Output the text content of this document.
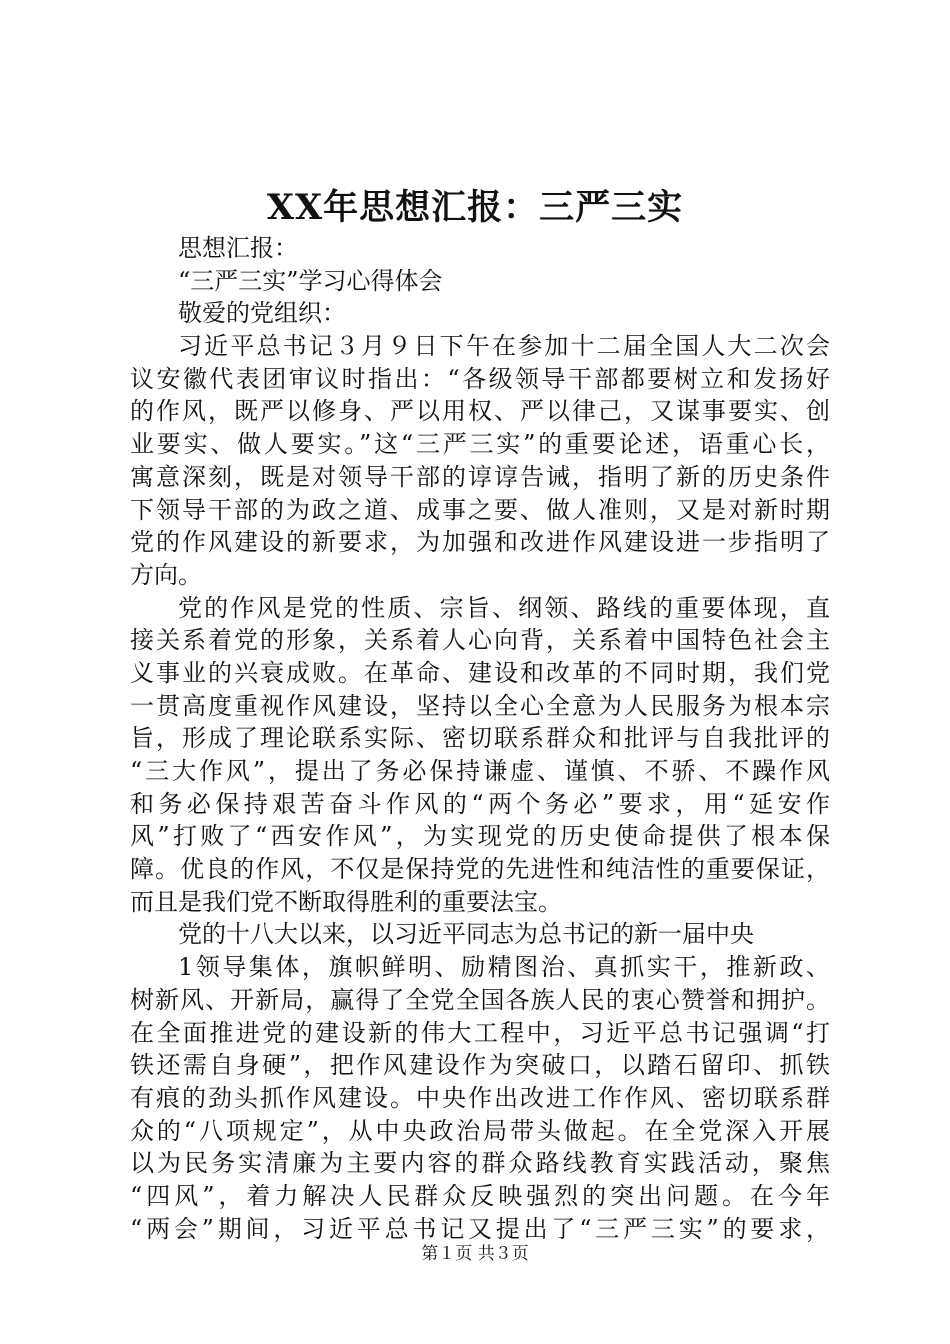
XX年思想汇报：三严三实
思想汇报：
“三严三实”学习心得体会
敬爱的党组织：
习近平总书记３月９日下午在参加十二届全国人大二次会
议安徽代表团审议时指出：“各级领导干部都要树立和发扬好
的作风，既严以修身、严以用权、严以律己，又谋事要实、创
业要实、做人要实。”这“三严三实”的重要论述，语重心长，
寓意深刻，既是对领导干部的谆谆告诫，指明了新的历史条件
下领导干部的为政之道、成事之要、做人准则，又是对新时期
党的作风建设的新要求，为加强和改进作风建设进一步指明了
方向。
党的作风是党的性质、宗旨、纲领、路线的重要体现，直
接关系着党的形象，关系着人心向背，关系着中国特色社会主
义事业的兴衰成败。在革命、建设和改革的不同时期，我们党
一贯高度重视作风建设，坚持以全心全意为人民服务为根本宗
旨，形成了理论联系实际、密切联系群众和批评与自我批评的
“三大作风”，提出了务必保持谦虚、谨慎、不骄、不躁作风
和务必保持艰苦奋斗作风的“两个务必”要求，用“延安作
风”打败了“西安作风”，为实现党的历史使命提供了根本保
障。优良的作风，不仅是保持党的先进性和纯洁性的重要保证，
而且是我们党不断取得胜利的重要法宝。
党的十八大以来，以习近平同志为总书记的新一届中央
1领导集体，旗帜鲜明、励精图治、真抓实干，推新政、
树新风、开新局，赢得了全党全国各族人民的衷心赞誉和拥护。
在全面推进党的建设新的伟大工程中，习近平总书记强调“打
铁还需自身硬”，把作风建设作为突破口，以踏石留印、抓铁
有痕的劲头抓作风建设。中央作出改进工作作风、密切联系群
众的“八项规定”，从中央政治局带头做起。在全党深入开展
以为民务实清廉为主要内容的群众路线教育实践活动，聚焦
“四风”，着力解决人民群众反映强烈的突出问题。在今年
“两会”期间，习近平总书记又提出了“三严三实”的要求，
第１页 共３页
